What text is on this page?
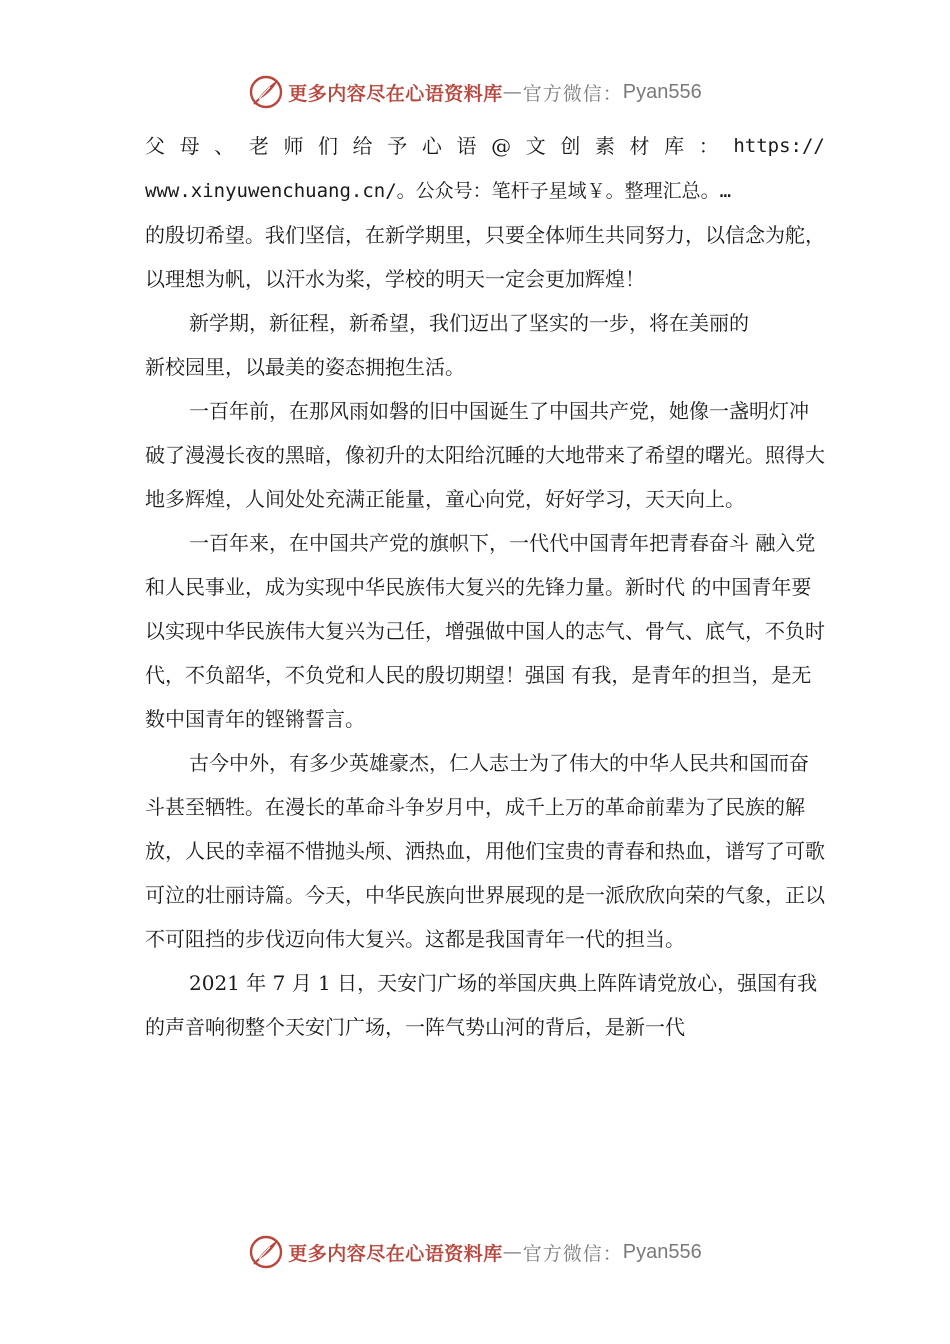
更多内容尽在心语资料库 — 官方微信： Pyan556
父 母 、 老 师 们 给 予 心 语 @ 文 创 素 材 库 ： https://

www.xinyuwenchuang.cn/。公众号：笔杆子星域￥。整理汇总。…

的殷切希望。我们坚信，在新学期里，只要全体师生共同努力，以信念为舵，以理想为帆，以汗水为桨，学校的明天一定会更加辉煌！

新学期，新征程，新希望，我们迈出了坚实的一步，将在美丽的

新校园里，以最美的姿态拥抱生活。

一百年前，在那风雨如磐的旧中国诞生了中国共产党，她像一盏明灯冲破了漫漫长夜的黑暗，像初升的太阳给沉睡的大地带来了希望的曙光。照得大地多辉煌，人间处处充满正能量，童心向党，好好学习，天天向上。

一百年来，在中国共产党的旗帜下，一代代中国青年把青春奋斗 融入党和人民事业，成为实现中华民族伟大复兴的先锋力量。新时代 的中国青年要以实现中华民族伟大复兴为己任，增强做中国人的志气、骨气、底气，不负时代，不负韶华，不负党和人民的殷切期望！强国 有我，是青年的担当，是无数中国青年的铿锵誓言。

古今中外，有多少英雄豪杰，仁人志士为了伟大的中华人民共和国而奋斗甚至牺牲。在漫长的革命斗争岁月中，成千上万的革命前辈为了民族的解放，人民的幸福不惜抛头颅、洒热血，用他们宝贵的青春和热血，谱写了可歌可泣的壮丽诗篇。今天，中华民族向世界展现的是一派欣欣向荣的气象，正以不可阻挡的步伐迈向伟大复兴。这都是我国青年一代的担当。

2021 年 7 月 1 日，天安门广场的举国庆典上阵阵请党放心，强国有我的声音响彻整个天安门广场，一阵气势山河的背后，是新一代

更多内容尽在心语资料库 — 官方微信： Pyan556
